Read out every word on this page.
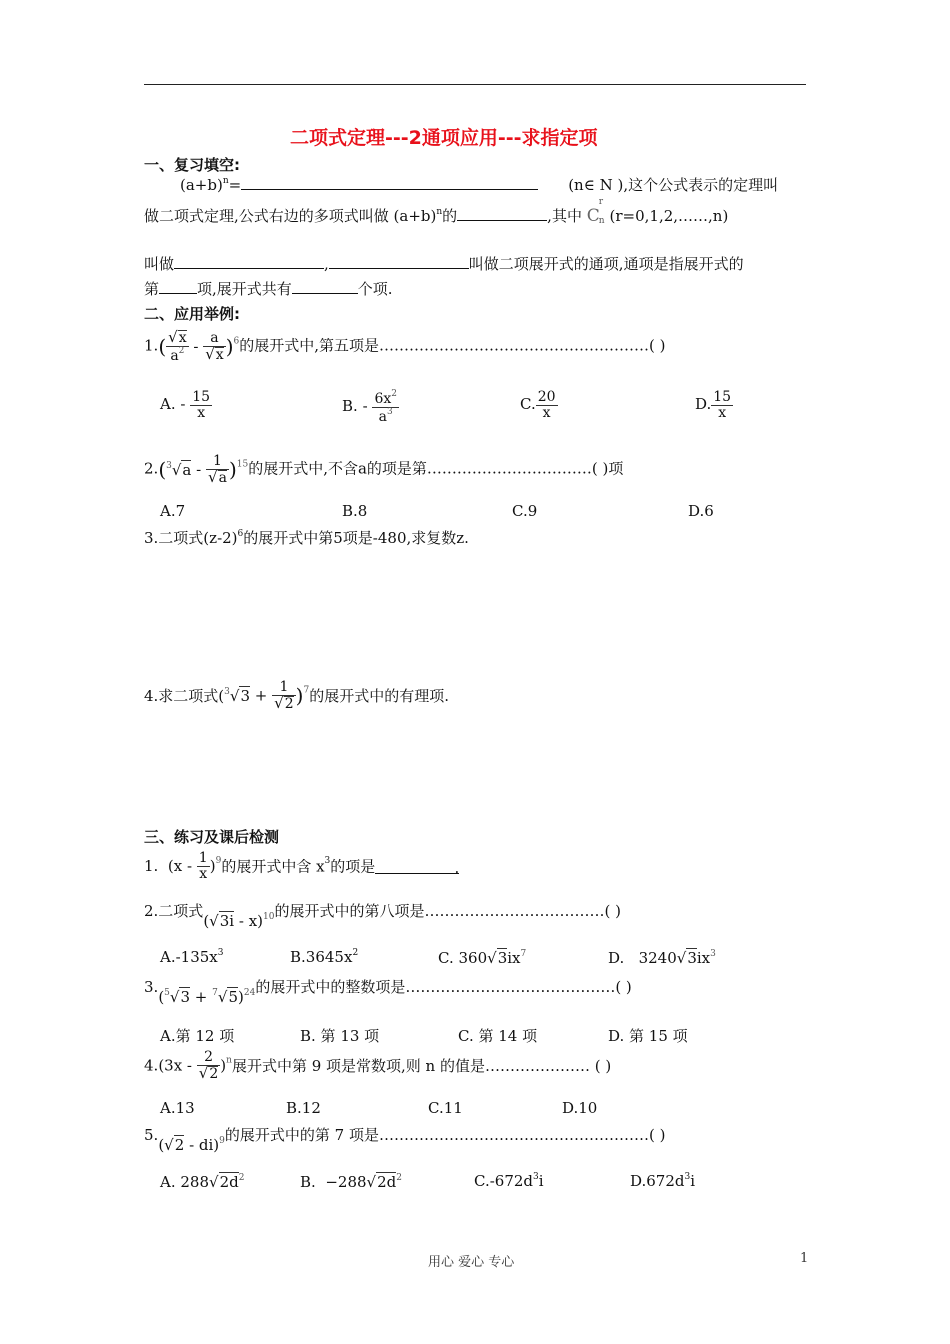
二项式定理---2通项应用---求指定项
一、复习填空:
$(a+b)^n=$	(n∈ N ),这个公式表示的定理叫
做二项式定理,公式右边的多项式叫做 $(a+b)^n$的	,其中 C
r
n (r=0,1,2,……,n)
叫做	,	叫做二项展开式的通项,通项是指展开式的
第	项,展开式共有	个项.
二、应用举例:
$1.( \frac{√x}{a^2} - \frac{a}{√x} )^6$的展开式中,第五项是………………………………………………( )
A. - $\frac{15}{x}$	B. - $\frac{6x^2}{a^3}$	C. $\frac{20}{x}$	D. $\frac{15}{x}$
$2.(^3√a - \frac{1}{√a} )^{15}$的展开式中,不含a的项是第……………………………( )项
A.7	B.8	C.9	D.6
3.二项式$(z-2)^6$的展开式中第5项是-480,求复数z.
4.求二项式$(^3√3 + \frac{1}{√2} )^7$的展开式中的有理项.
三、练习及课后检测
1. $(x - \frac{1}{x} )^9$的展开式中含 $x^3$的项是	.
2.二项式(√3i - x)$^{10}$的展开式中的第八项是………………………………( )
$A.-135x^3$	$B.3645x^2$	C. $360√3ix^7$	D. $3240√3ix^3$
$3.(^5√3 + ^7√5)^{24}$的展开式中的整数项是……………………………………( )
A.第 12 项	B. 第 13 项	C. 第 14 项	D. 第 15 项
$4.(3x - \frac{2}{√2} )^n$展开式中第 9 项是常数项,则 n 的值是………………… ( )
A.13	B.12	C.11	D.10
5.(√2 - di)$^9$的展开式中的第 7 项是………………………………………………( )
A. $288√2d^2$	B. $-288√2d^2$	$C.-672d^3i$	$D.672d^3i$
用心 爱心 专心	1
